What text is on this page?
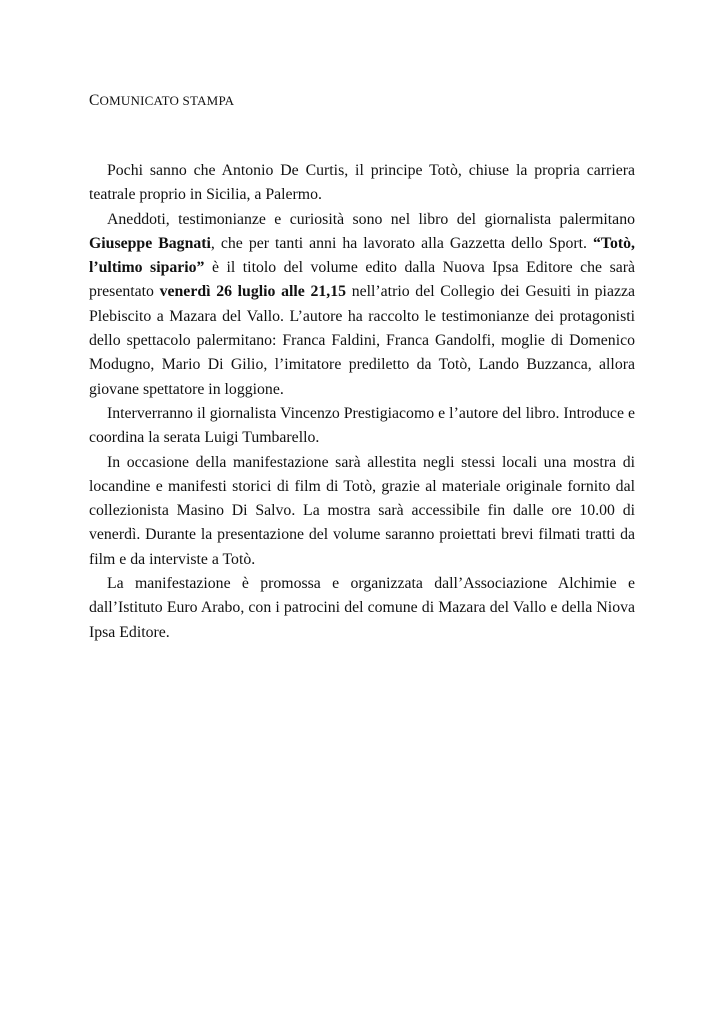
COMUNICATO STAMPA

Pochi sanno che Antonio De Curtis, il principe Totò, chiuse la propria carriera teatrale proprio in Sicilia, a Palermo.

Aneddoti, testimonianze e curiosità sono nel libro del giornalista palermitano Giuseppe Bagnati, che per tanti anni ha lavorato alla Gazzetta dello Sport. “Totò, l’ultimo sipario” è il titolo del volume edito dalla Nuova Ipsa Editore che sarà presentato venerdì 26 luglio alle 21,15 nell’atrio del Collegio dei Gesuiti in piazza Plebiscito a Mazara del Vallo. L’autore ha raccolto le testimonianze dei protagonisti dello spettacolo palermitano: Franca Faldini, Franca Gandolfi, moglie di Domenico Modugno, Mario Di Gilio, l’imitatore prediletto da Totò, Lando Buzzanca, allora giovane spettatore in loggione.

Interverranno il giornalista Vincenzo Prestigiacomo e l’autore del libro. Introduce e coordina la serata Luigi Tumbarello.

In occasione della manifestazione sarà allestita negli stessi locali una mostra di locandine e manifesti storici di film di Totò, grazie al materiale originale fornito dal collezionista Masino Di Salvo. La mostra sarà accessibile fin dalle ore 10.00 di venerdì. Durante la presentazione del volume saranno proiettati brevi filmati tratti da film e da interviste a Totò.

La manifestazione è promossa e organizzata dall’Associazione Alchimie e dall’Istituto Euro Arabo, con i patrocini del comune di Mazara del Vallo e della Niova Ipsa Editore.
